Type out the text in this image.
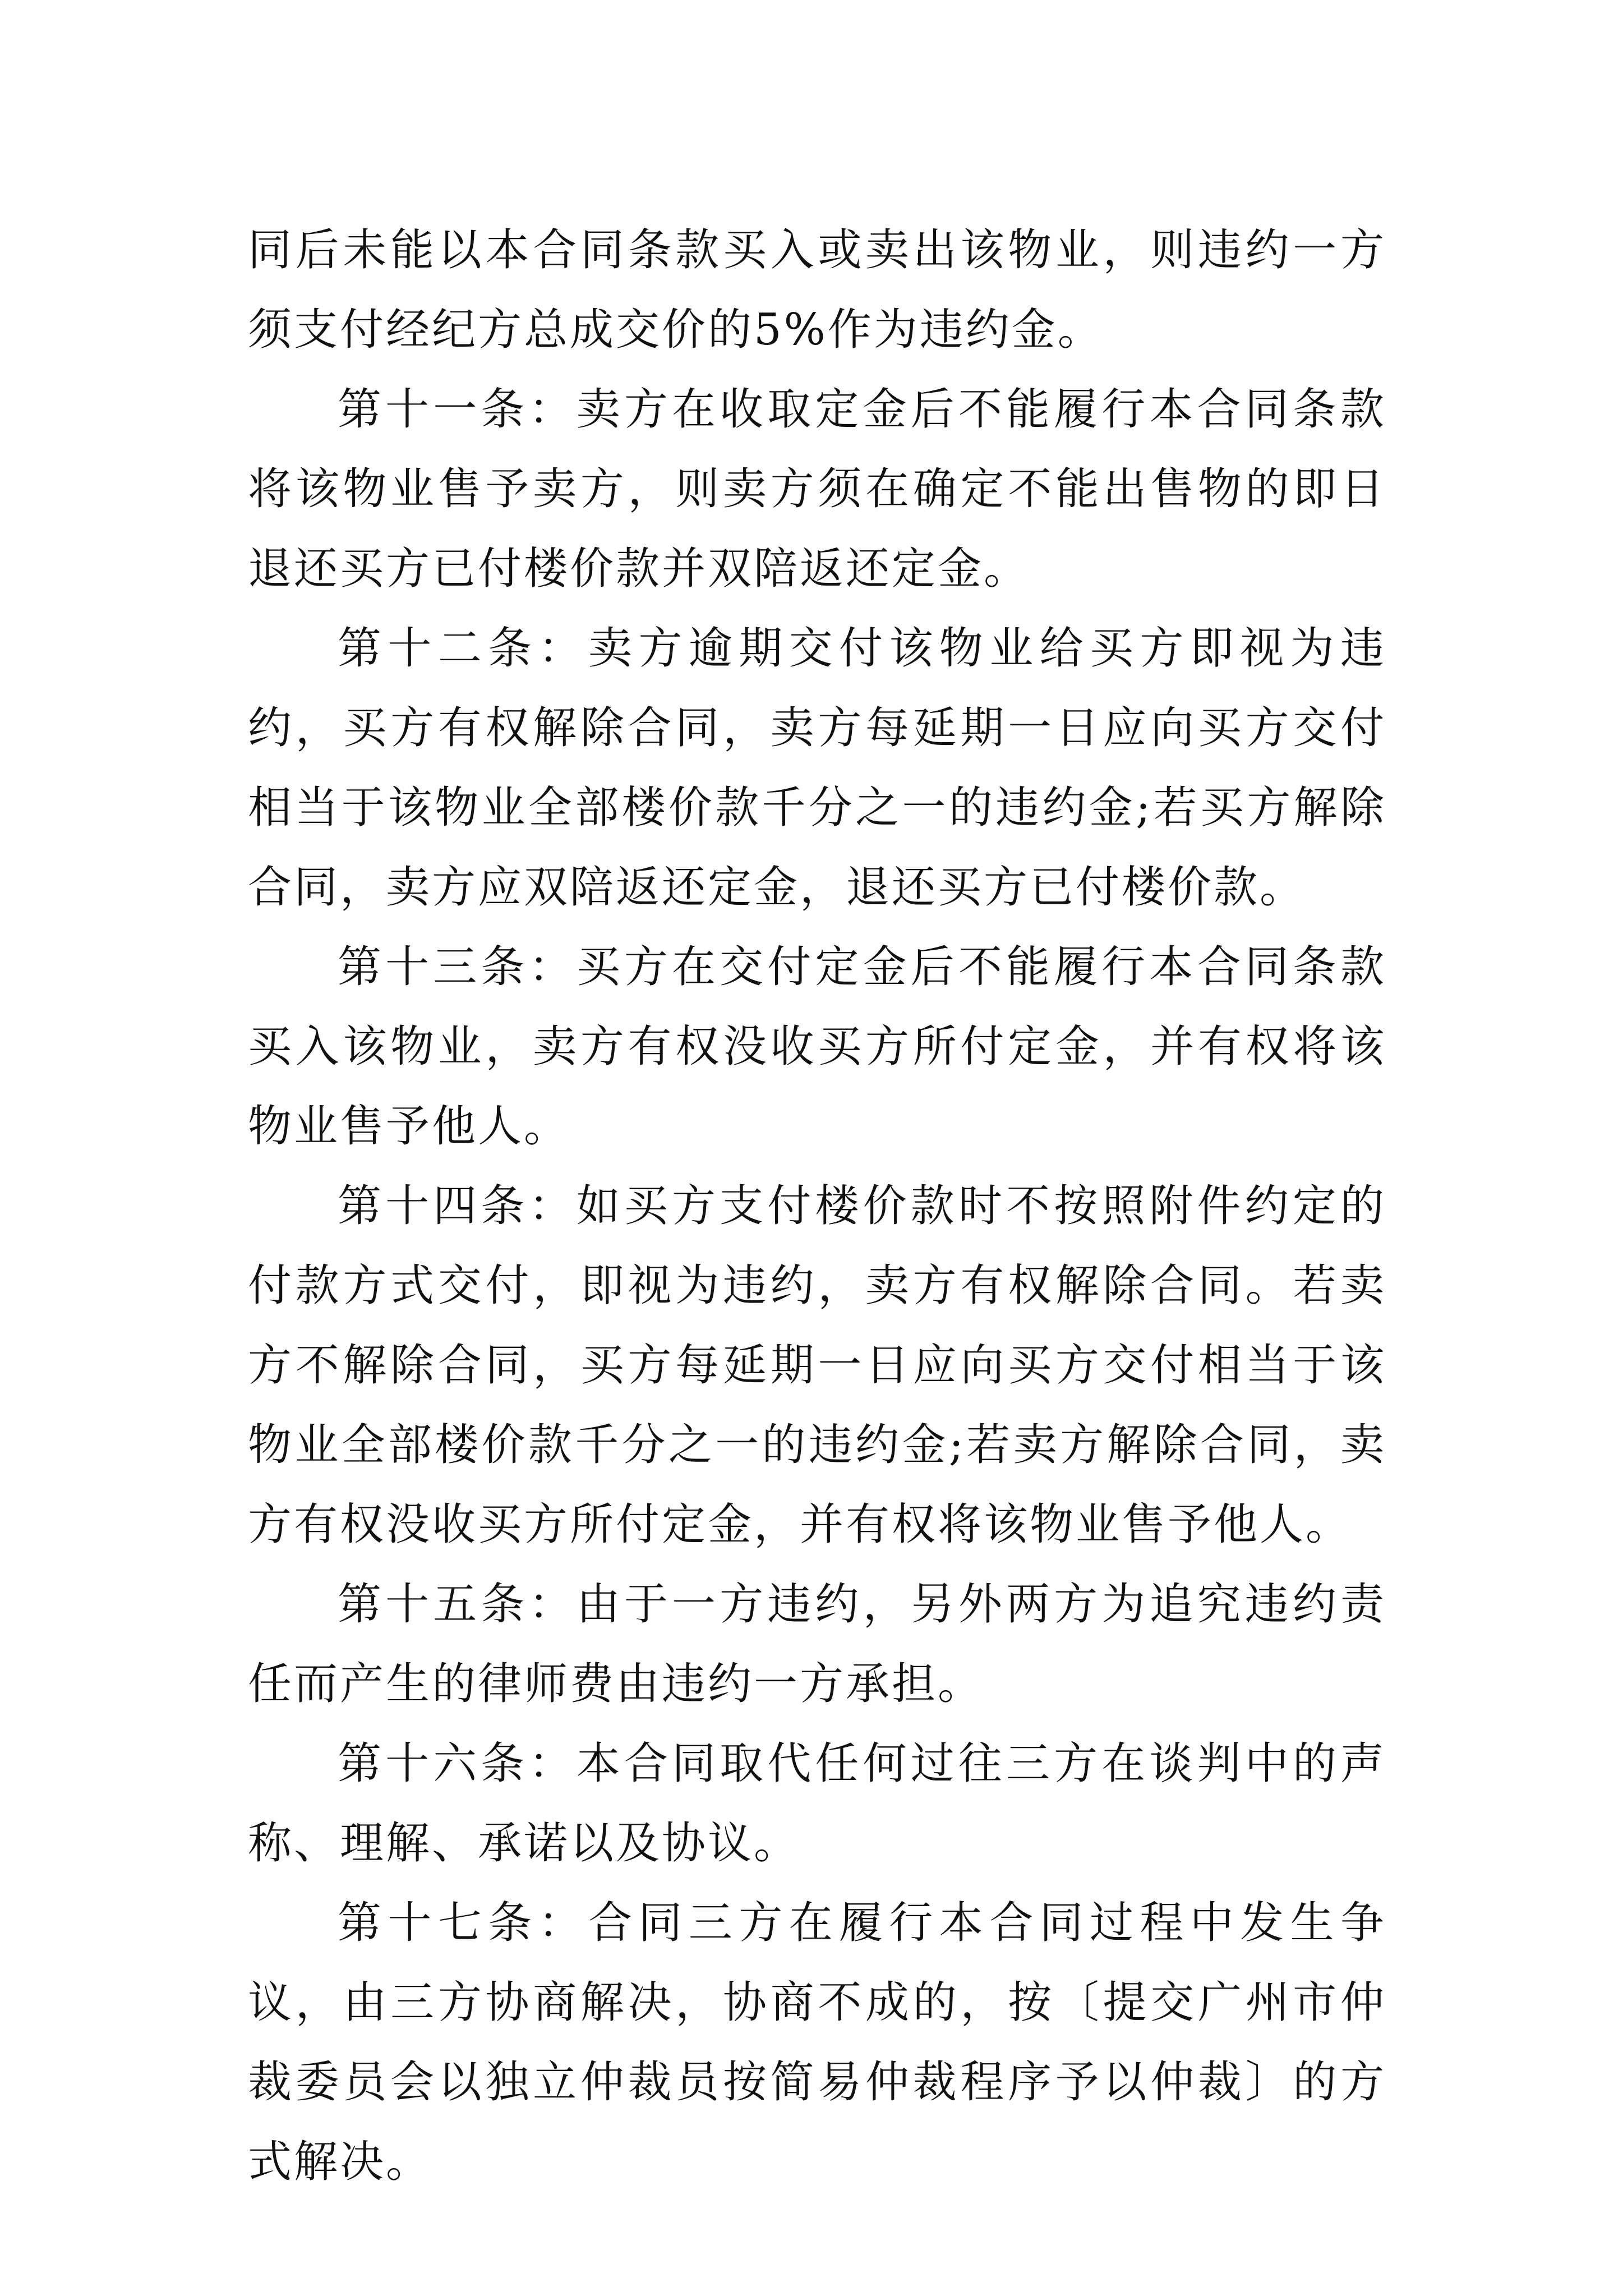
同后未能以本合同条款买入或卖出该物业，则违约一方须支付经纪方总成交价的5%作为违约金。

第十一条：卖方在收取定金后不能履行本合同条款将该物业售予卖方，则卖方须在确定不能出售物的即日退还买方已付楼价款并双陪返还定金。

第十二条：卖方逾期交付该物业给买方即视为违约，买方有权解除合同，卖方每延期一日应向买方交付相当于该物业全部楼价款千分之一的违约金;若买方解除合同，卖方应双陪返还定金，退还买方已付楼价款。

第十三条：买方在交付定金后不能履行本合同条款买入该物业，卖方有权没收买方所付定金，并有权将该物业售予他人。

第十四条：如买方支付楼价款时不按照附件约定的付款方式交付，即视为违约，卖方有权解除合同。若卖方不解除合同，买方每延期一日应向买方交付相当于该物业全部楼价款千分之一的违约金;若卖方解除合同，卖方有权没收买方所付定金，并有权将该物业售予他人。

第十五条：由于一方违约，另外两方为追究违约责任而产生的律师费由违约一方承担。

第十六条：本合同取代任何过往三方在谈判中的声称、理解、承诺以及协议。

第十七条：合同三方在履行本合同过程中发生争议，由三方协商解决，协商不成的，按〔提交广州市仲裁委员会以独立仲裁员按简易仲裁程序予以仲裁〕的方式解决。
